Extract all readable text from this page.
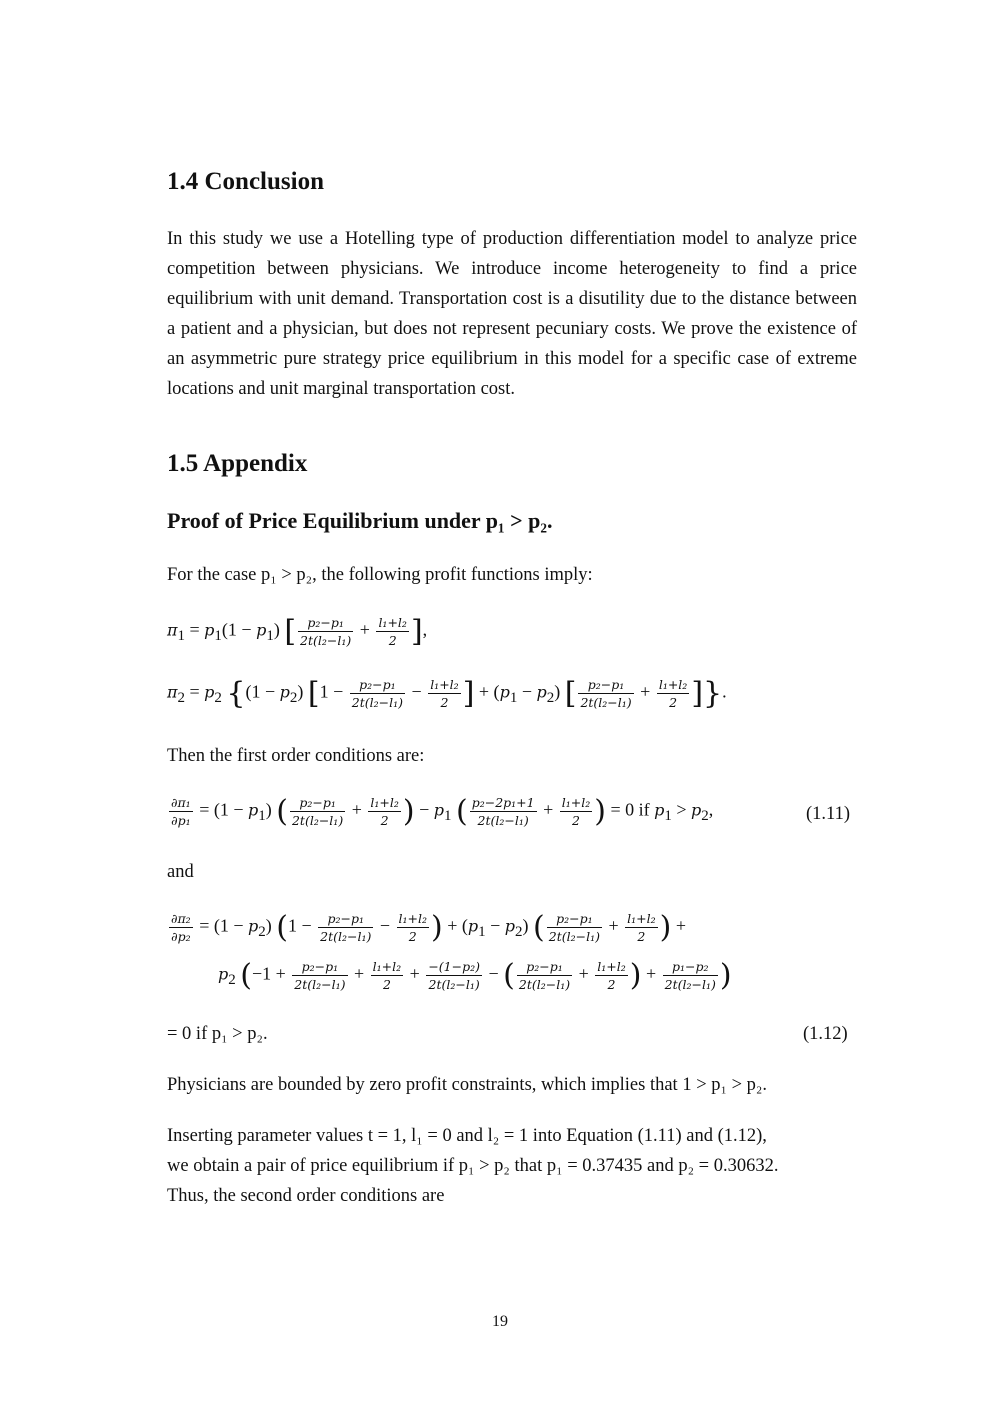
1.4 Conclusion

In this study we use a Hotelling type of production differentiation model to analyze price competition between physicians. We introduce income heterogeneity to find a price equilibrium with unit demand. Transportation cost is a disutility due to the distance between a patient and a physician, but does not represent pecuniary costs. We prove the existence of an asymmetric pure strategy price equilibrium in this model for a specific case of extreme locations and unit marginal transportation cost.

1.5 Appendix
Proof of Price Equilibrium under p₁ > p₂.

For the case p₁ > p₂, the following profit functions imply:

$\pi_1 = p_1(1 - p_1)$ [ $\frac{\text{p₂−p₁}}{\text{2t(l₂−l₁)}} + \frac{\text{l₁+l₂}}{2}$ ],
$\pi_2 = p_2$ {$(1 - p_2)$ [$1 - \frac{\text{p₂−p₁}}{\text{2t(l₂−l₁)}} - \frac{\text{l₁+l₂}}{2}$ ] + $(p_1 - p_2)$ [ $\frac{\text{p₂−p₁}}{\text{2t(l₂−l₁)}} + \frac{\text{l₁+l₂}}{2}$ ]}.

Then the first order conditions are:

$\frac{\text{∂π₁}}{\text{∂p₁}} = (1 - p_1)$ ( $\frac{\text{p₂−p₁}}{\text{2t(l₂−l₁)}} + \frac{\text{l₁+l₂}}{2}$ ) − $p_1$ ( $\frac{\text{p₂−2p₁+1}}{\text{2t(l₂−l₁)}} + \frac{\text{l₁+l₂}}{2}$ ) = 0 if $p_1 > p_2$,	(1.11)

and

$\frac{\text{∂π₂}}{\text{∂p₂}} = (1 - p_2) (1 - \frac{\text{p₂−p₁}}{\text{2t(l₂−l₁)}} - \frac{\text{l₁+l₂}}{2}$ ) + $(p_1 - p_2)$ ( $\frac{\text{p₂−p₁}}{\text{2t(l₂−l₁)}} + \frac{\text{l₁+l₂}}{2}$ ) +
$p_2$ ($-1 + \frac{\text{p₂−p₁}}{\text{2t(l₂−l₁)}} + \frac{\text{l₁+l₂}}{2} + \frac{\text{−(1−p₂)}}{\text{2t(l₂−l₁)}}$ − ( $\frac{\text{p₂−p₁}}{\text{2t(l₂−l₁)}} + \frac{\text{l₁+l₂}}{2}$ ) + $\frac{\text{p₁−p₂}}{\text{2t(l₂−l₁)}}$ )

= 0 if p₁ > p₂.	(1.12)

Physicians are bounded by zero profit constraints, which implies that 1 > p₁ > p₂.

Inserting parameter values t = 1, l₁ = 0 and l₂ = 1 into Equation (1.11) and (1.12),

we obtain a pair of price equilibrium if p₁ > p₂ that p₁ = 0.37435 and p₂ = 0.30632.

Thus, the second order conditions are

19
